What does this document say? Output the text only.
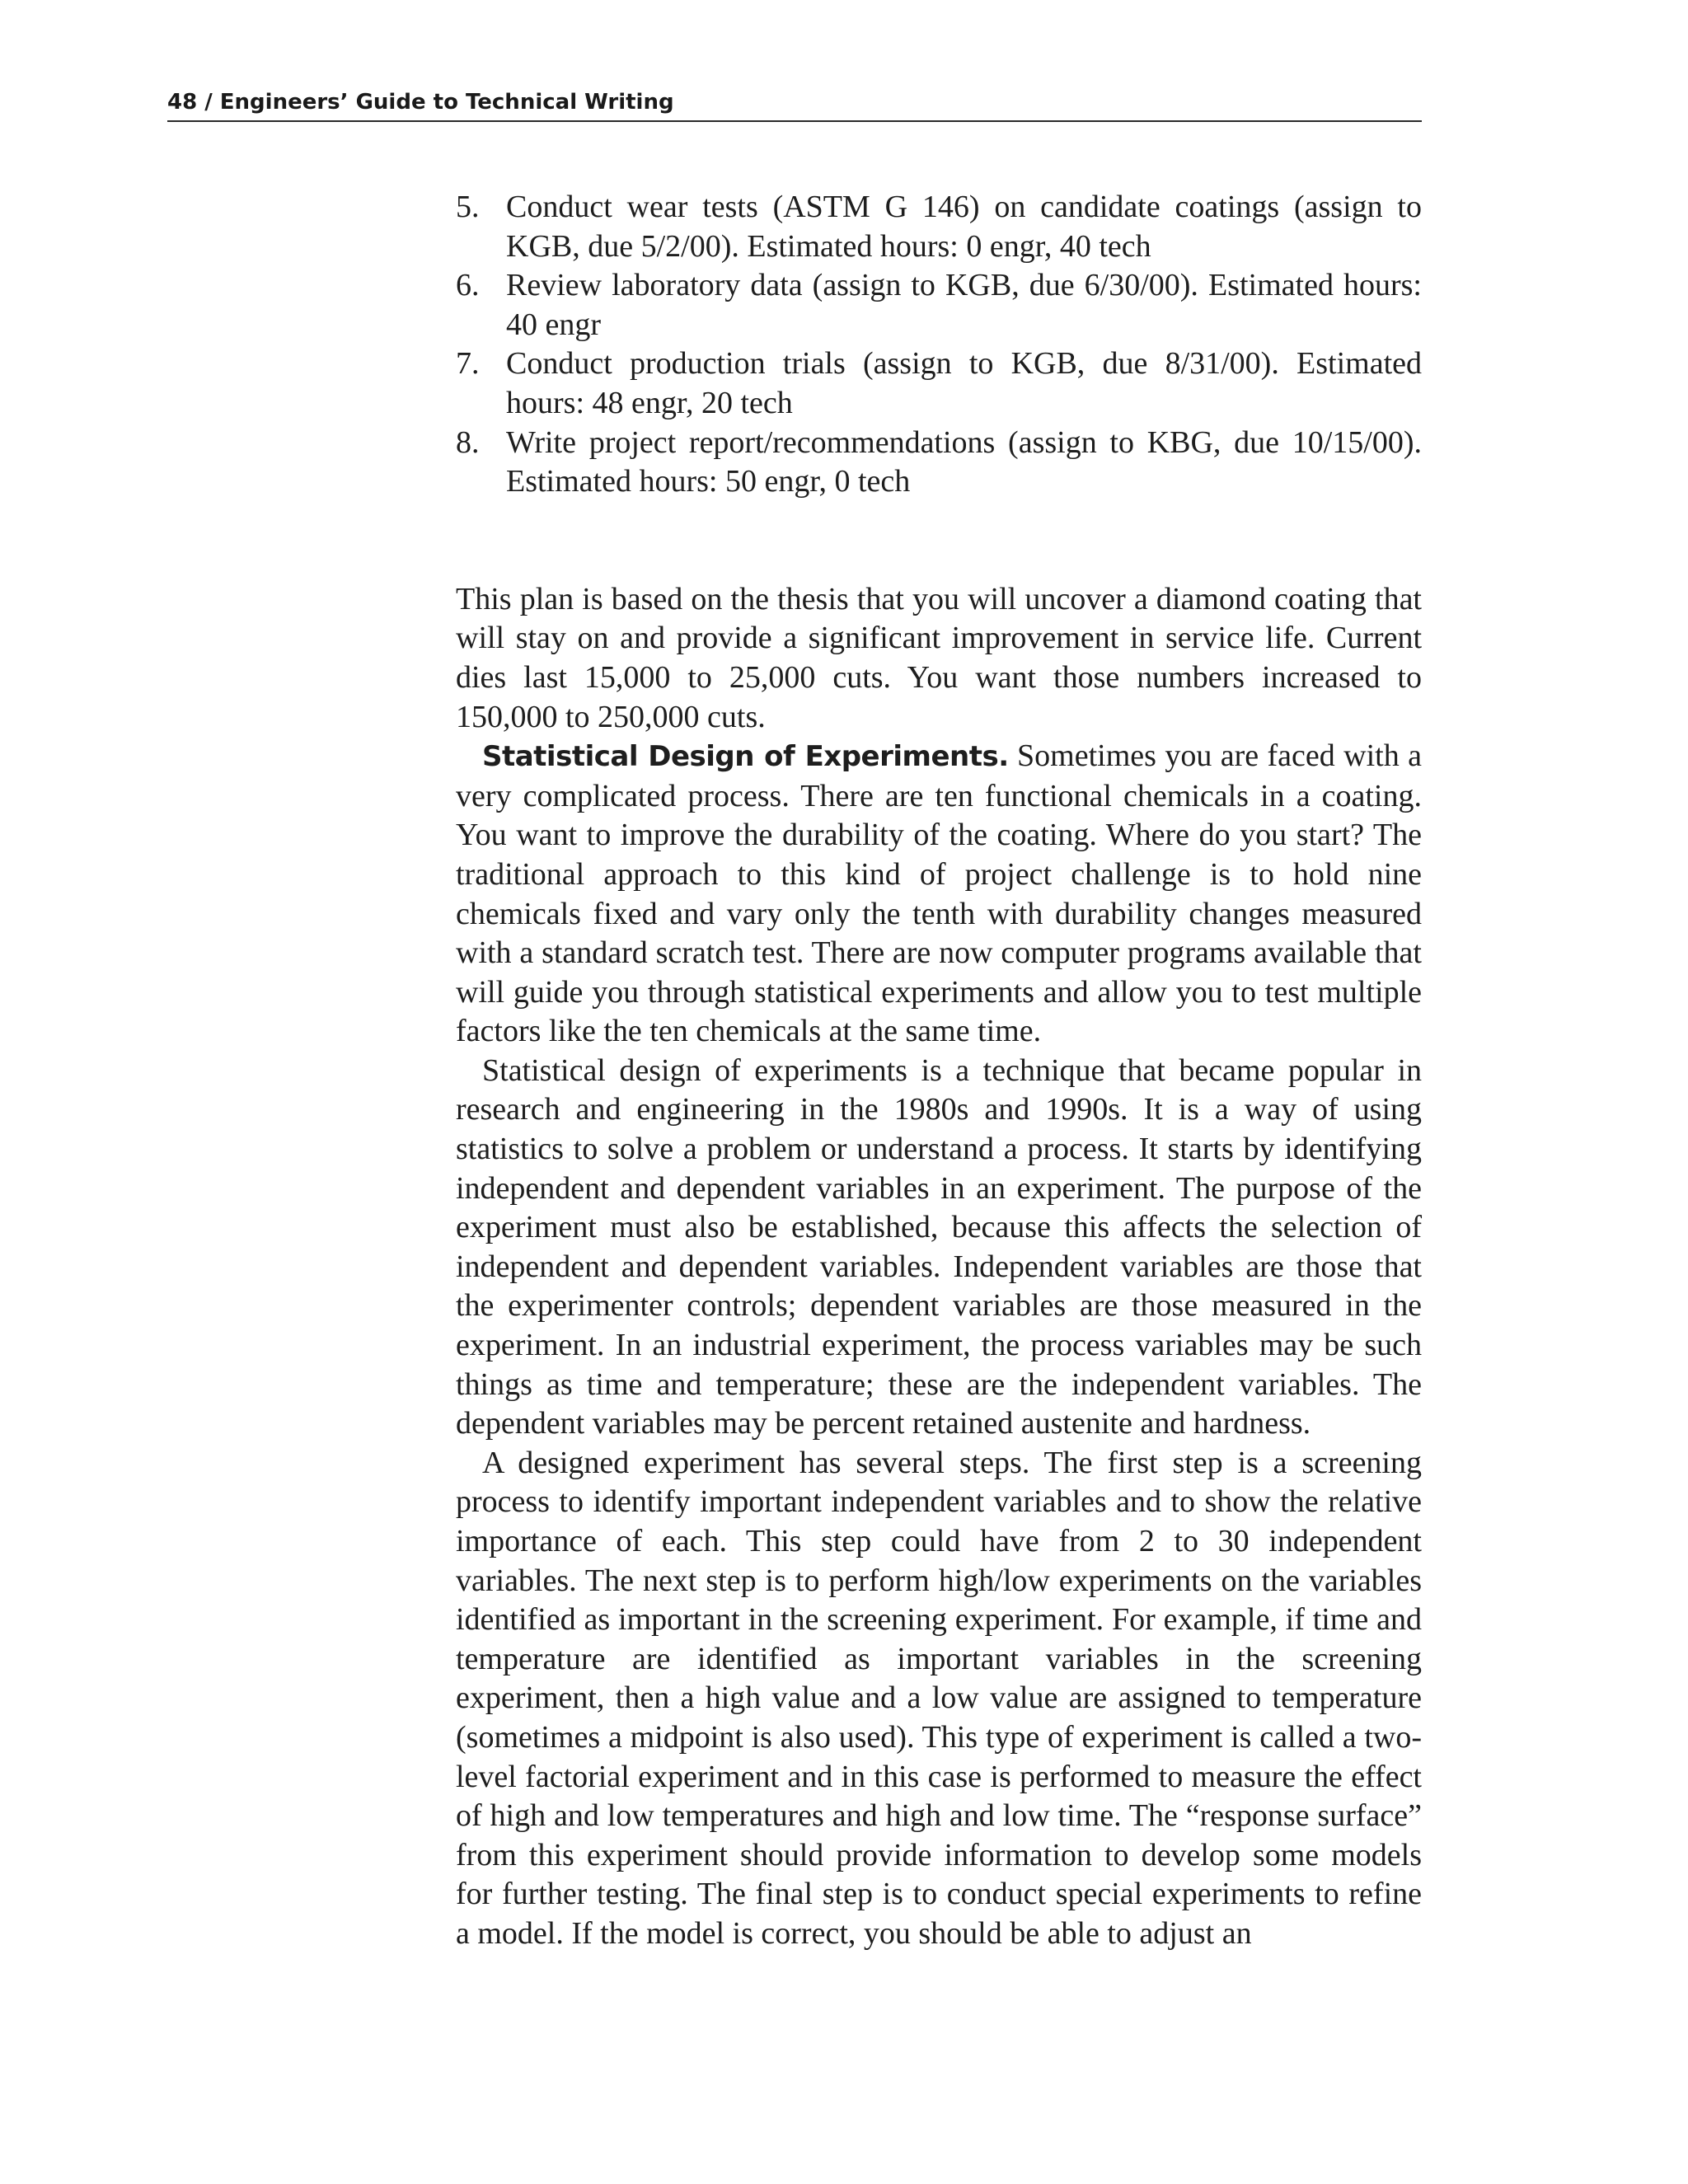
48 / Engineers’ Guide to Technical Writing
5. Conduct wear tests (ASTM G 146) on candidate coatings (assign to KGB, due 5/2/00). Estimated hours: 0 engr, 40 tech
6. Review laboratory data (assign to KGB, due 6/30/00). Estimated hours: 40 engr
7. Conduct production trials (assign to KGB, due 8/31/00). Estimated hours: 48 engr, 20 tech
8. Write project report/recommendations (assign to KBG, due 10/15/00). Estimated hours: 50 engr, 0 tech

This plan is based on the thesis that you will uncover a diamond coating that will stay on and provide a significant improvement in service life. Current dies last 15,000 to 25,000 cuts. You want those numbers increased to 150,000 to 250,000 cuts.

Statistical Design of Experiments. Sometimes you are faced with a very complicated process. There are ten functional chemicals in a coating. You want to improve the durability of the coating. Where do you start? The traditional approach to this kind of project challenge is to hold nine chemicals fixed and vary only the tenth with durability changes measured with a standard scratch test. There are now computer programs available that will guide you through statistical experiments and allow you to test multiple factors like the ten chemicals at the same time.

Statistical design of experiments is a technique that became popular in research and engineering in the 1980s and 1990s. It is a way of using statistics to solve a problem or understand a process. It starts by identifying independent and dependent variables in an experiment. The purpose of the experiment must also be established, because this affects the selection of independent and dependent variables. Independent variables are those that the experimenter controls; dependent variables are those measured in the experiment. In an industrial experiment, the process variables may be such things as time and temperature; these are the independent variables. The dependent variables may be percent retained austenite and hardness.

A designed experiment has several steps. The first step is a screening process to identify important independent variables and to show the relative importance of each. This step could have from 2 to 30 independent variables. The next step is to perform high/low experiments on the variables identified as important in the screening experiment. For example, if time and temperature are identified as important variables in the screening experiment, then a high value and a low value are assigned to temperature (sometimes a midpoint is also used). This type of experiment is called a two-level factorial experiment and in this case is performed to measure the effect of high and low temperatures and high and low time. The “response surface” from this experiment should provide information to develop some models for further testing. The final step is to conduct special experiments to refine a model. If the model is correct, you should be able to adjust an
